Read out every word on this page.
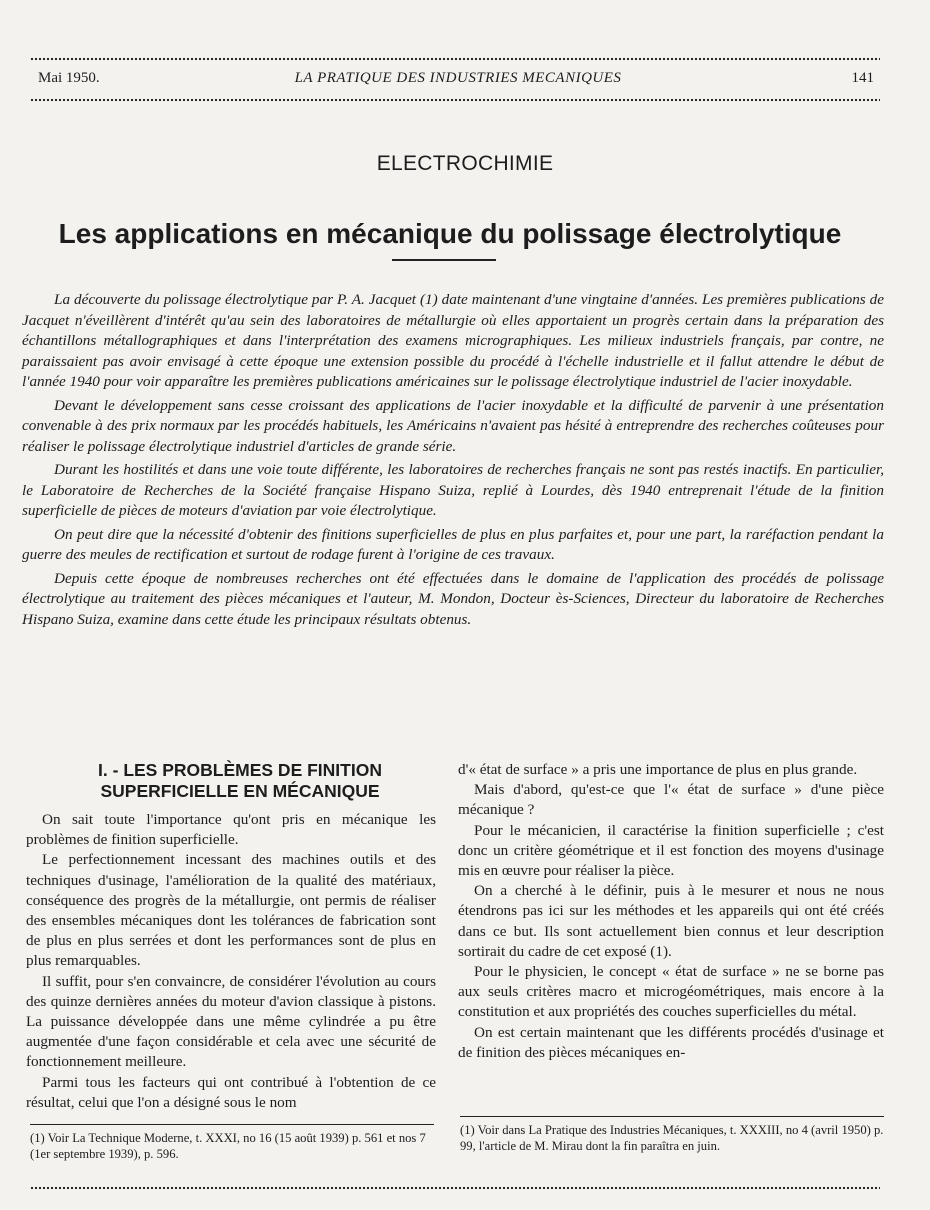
Mai 1950.	LA PRATIQUE DES INDUSTRIES MECANIQUES	141
ELECTROCHIMIE
Les applications en mécanique du polissage électrolytique

La découverte du polissage électrolytique par P. A. Jacquet (1) date maintenant d'une vingtaine d'années. Les premières publications de Jacquet n'éveillèrent d'intérêt qu'au sein des laboratoires de métallurgie où elles apportaient un progrès certain dans la préparation des échantillons métallographiques et dans l'interprétation des examens micrographiques. Les milieux industriels français, par contre, ne paraissaient pas avoir envisagé à cette époque une extension possible du procédé à l'échelle industrielle et il fallut attendre le début de l'année 1940 pour voir apparaître les premières publications américaines sur le polissage électrolytique industriel de l'acier inoxydable.

Devant le développement sans cesse croissant des applications de l'acier inoxydable et la difficulté de parvenir à une présentation convenable à des prix normaux par les procédés habituels, les Américains n'avaient pas hésité à entreprendre des recherches coûteuses pour réaliser le polissage électrolytique industriel d'articles de grande série.

Durant les hostilités et dans une voie toute différente, les laboratoires de recherches français ne sont pas restés inactifs. En particulier, le Laboratoire de Recherches de la Société française Hispano Suiza, replié à Lourdes, dès 1940 entreprenait l'étude de la finition superficielle de pièces de moteurs d'aviation par voie électrolytique.

On peut dire que la nécessité d'obtenir des finitions superficielles de plus en plus parfaites et, pour une part, la raréfaction pendant la guerre des meules de rectification et surtout de rodage furent à l'origine de ces travaux.

Depuis cette époque de nombreuses recherches ont été effectuées dans le domaine de l'application des procédés de polissage électrolytique au traitement des pièces mécaniques et l'auteur, M. Mondon, Docteur ès-Sciences, Directeur du laboratoire de Recherches Hispano Suiza, examine dans cette étude les principaux résultats obtenus.

I. - LES PROBLÈMES DE FINITION
SUPERFICIELLE EN MÉCANIQUE

On sait toute l'importance qu'ont pris en mécanique les problèmes de finition superficielle.

Le perfectionnement incessant des machines outils et des techniques d'usinage, l'amélioration de la qualité des matériaux, conséquence des progrès de la métallurgie, ont permis de réaliser des ensembles mécaniques dont les tolérances de fabrication sont de plus en plus serrées et dont les performances sont de plus en plus remarquables.

Il suffit, pour s'en convaincre, de considérer l'évolution au cours des quinze dernières années du moteur d'avion classique à pistons. La puissance développée dans une même cylindrée a pu être augmentée d'une façon considérable et cela avec une sécurité de fonctionnement meilleure.

Parmi tous les facteurs qui ont contribué à l'obtention de ce résultat, celui que l'on a désigné sous le nom

d'« état de surface » a pris une importance de plus en plus grande.

Mais d'abord, qu'est-ce que l'« état de surface » d'une pièce mécanique ?

Pour le mécanicien, il caractérise la finition superficielle ; c'est donc un critère géométrique et il est fonction des moyens d'usinage mis en œuvre pour réaliser la pièce.

On a cherché à le définir, puis à le mesurer et nous ne nous étendrons pas ici sur les méthodes et les appareils qui ont été créés dans ce but. Ils sont actuellement bien connus et leur description sortirait du cadre de cet exposé (1).

Pour le physicien, le concept « état de surface » ne se borne pas aux seuls critères macro et microgéométriques, mais encore à la constitution et aux propriétés des couches superficielles du métal.

On est certain maintenant que les différents procédés d'usinage et de finition des pièces mécaniques en-

(1) Voir La Technique Moderne, t. XXXI, no 16 (15 août 1939) p. 561 et nos 7 (1er septembre 1939), p. 596.
(1) Voir dans La Pratique des Industries Mécaniques, t. XXXIII, no 4 (avril 1950) p. 99, l'article de M. Mirau dont la fin paraîtra en juin.
